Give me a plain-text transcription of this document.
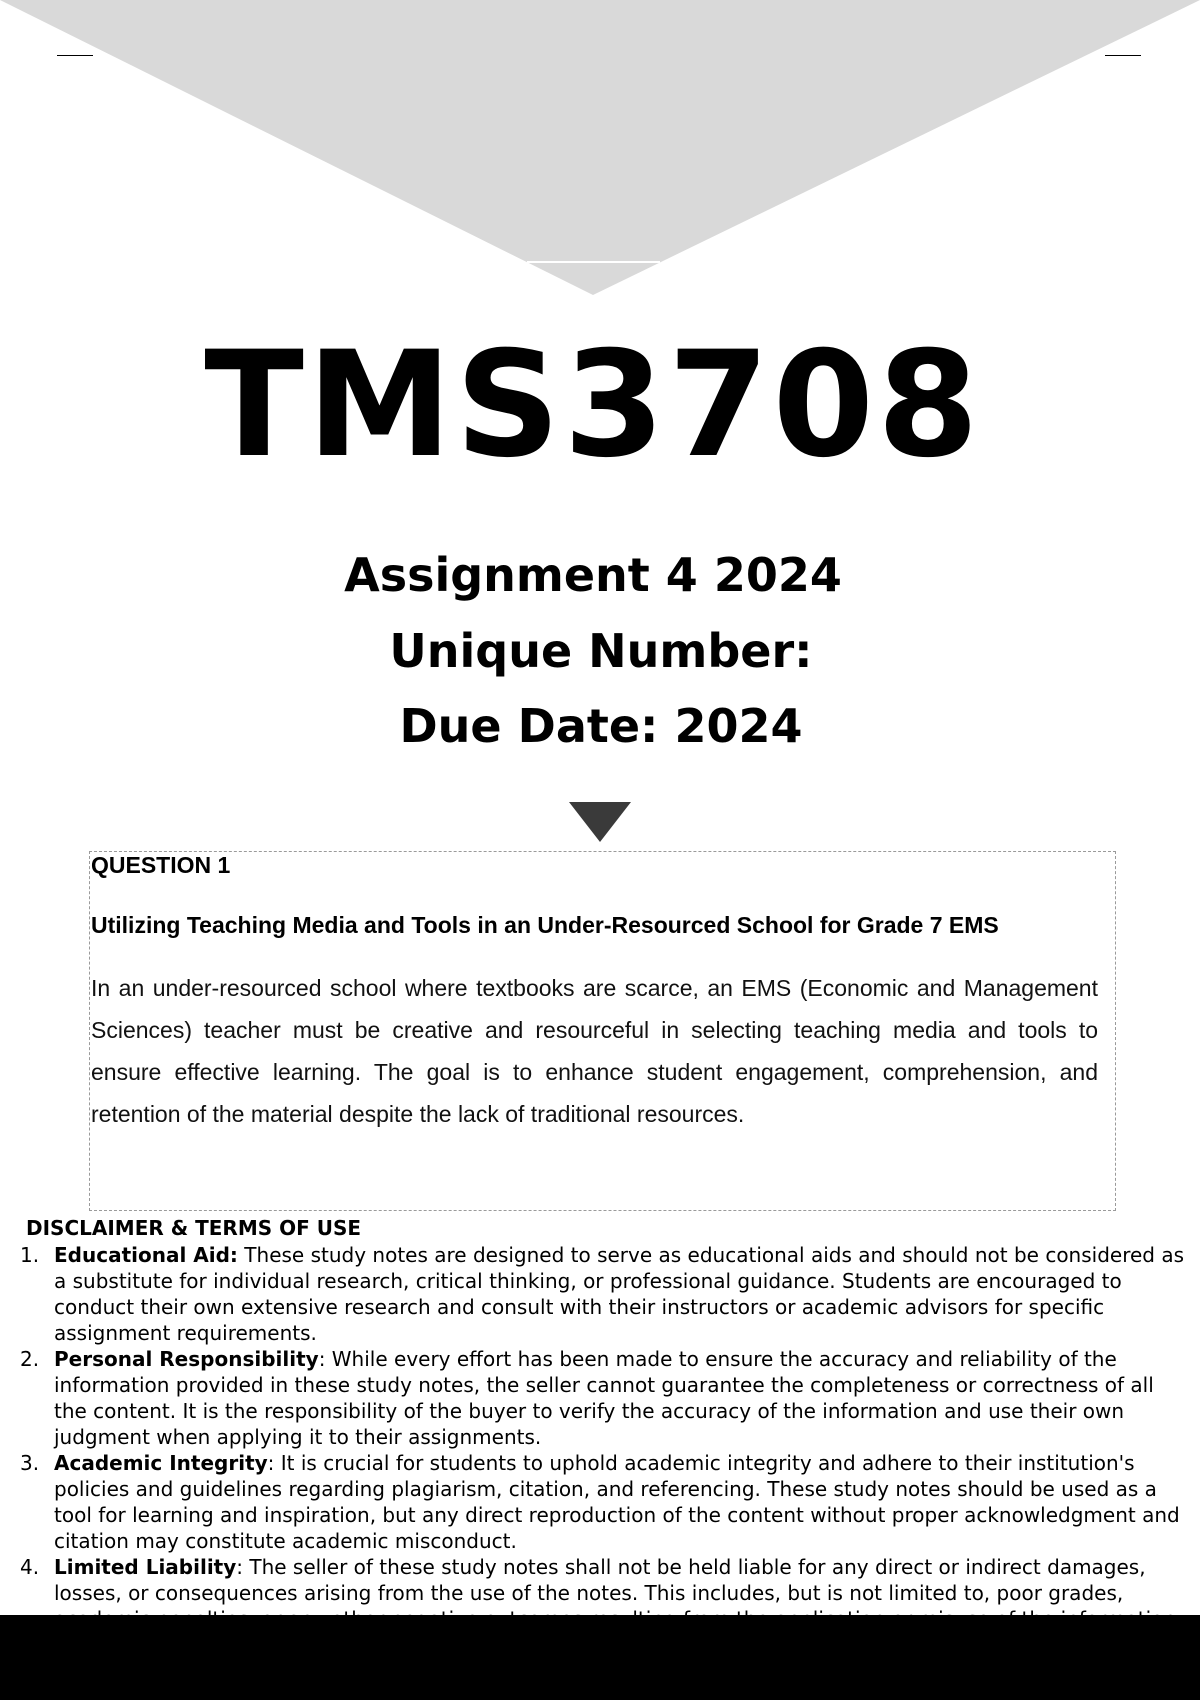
TMS3708
Assignment 4 2024
Unique Number:
Due Date: 2024
QUESTION 1
Utilizing Teaching Media and Tools in an Under-Resourced School for Grade 7 EMS
In an under-resourced school where textbooks are scarce, an EMS (Economic and Management Sciences) teacher must be creative and resourceful in selecting teaching media and tools to ensure effective learning. The goal is to enhance student engagement, comprehension, and retention of the material despite the lack of traditional resources.
DISCLAIMER & TERMS OF USE
1. Educational Aid: These study notes are designed to serve as educational aids and should not be considered as a substitute for individual research, critical thinking, or professional guidance. Students are encouraged to conduct their own extensive research and consult with their instructors or academic advisors for specific assignment requirements.
2. Personal Responsibility: While every effort has been made to ensure the accuracy and reliability of the information provided in these study notes, the seller cannot guarantee the completeness or correctness of all the content. It is the responsibility of the buyer to verify the accuracy of the information and use their own judgment when applying it to their assignments.
3. Academic Integrity: It is crucial for students to uphold academic integrity and adhere to their institution's policies and guidelines regarding plagiarism, citation, and referencing. These study notes should be used as a tool for learning and inspiration, but any direct reproduction of the content without proper acknowledgment and citation may constitute academic misconduct.
4. Limited Liability: The seller of these study notes shall not be held liable for any direct or indirect damages, losses, or consequences arising from the use of the notes. This includes, but is not limited to, poor grades,
